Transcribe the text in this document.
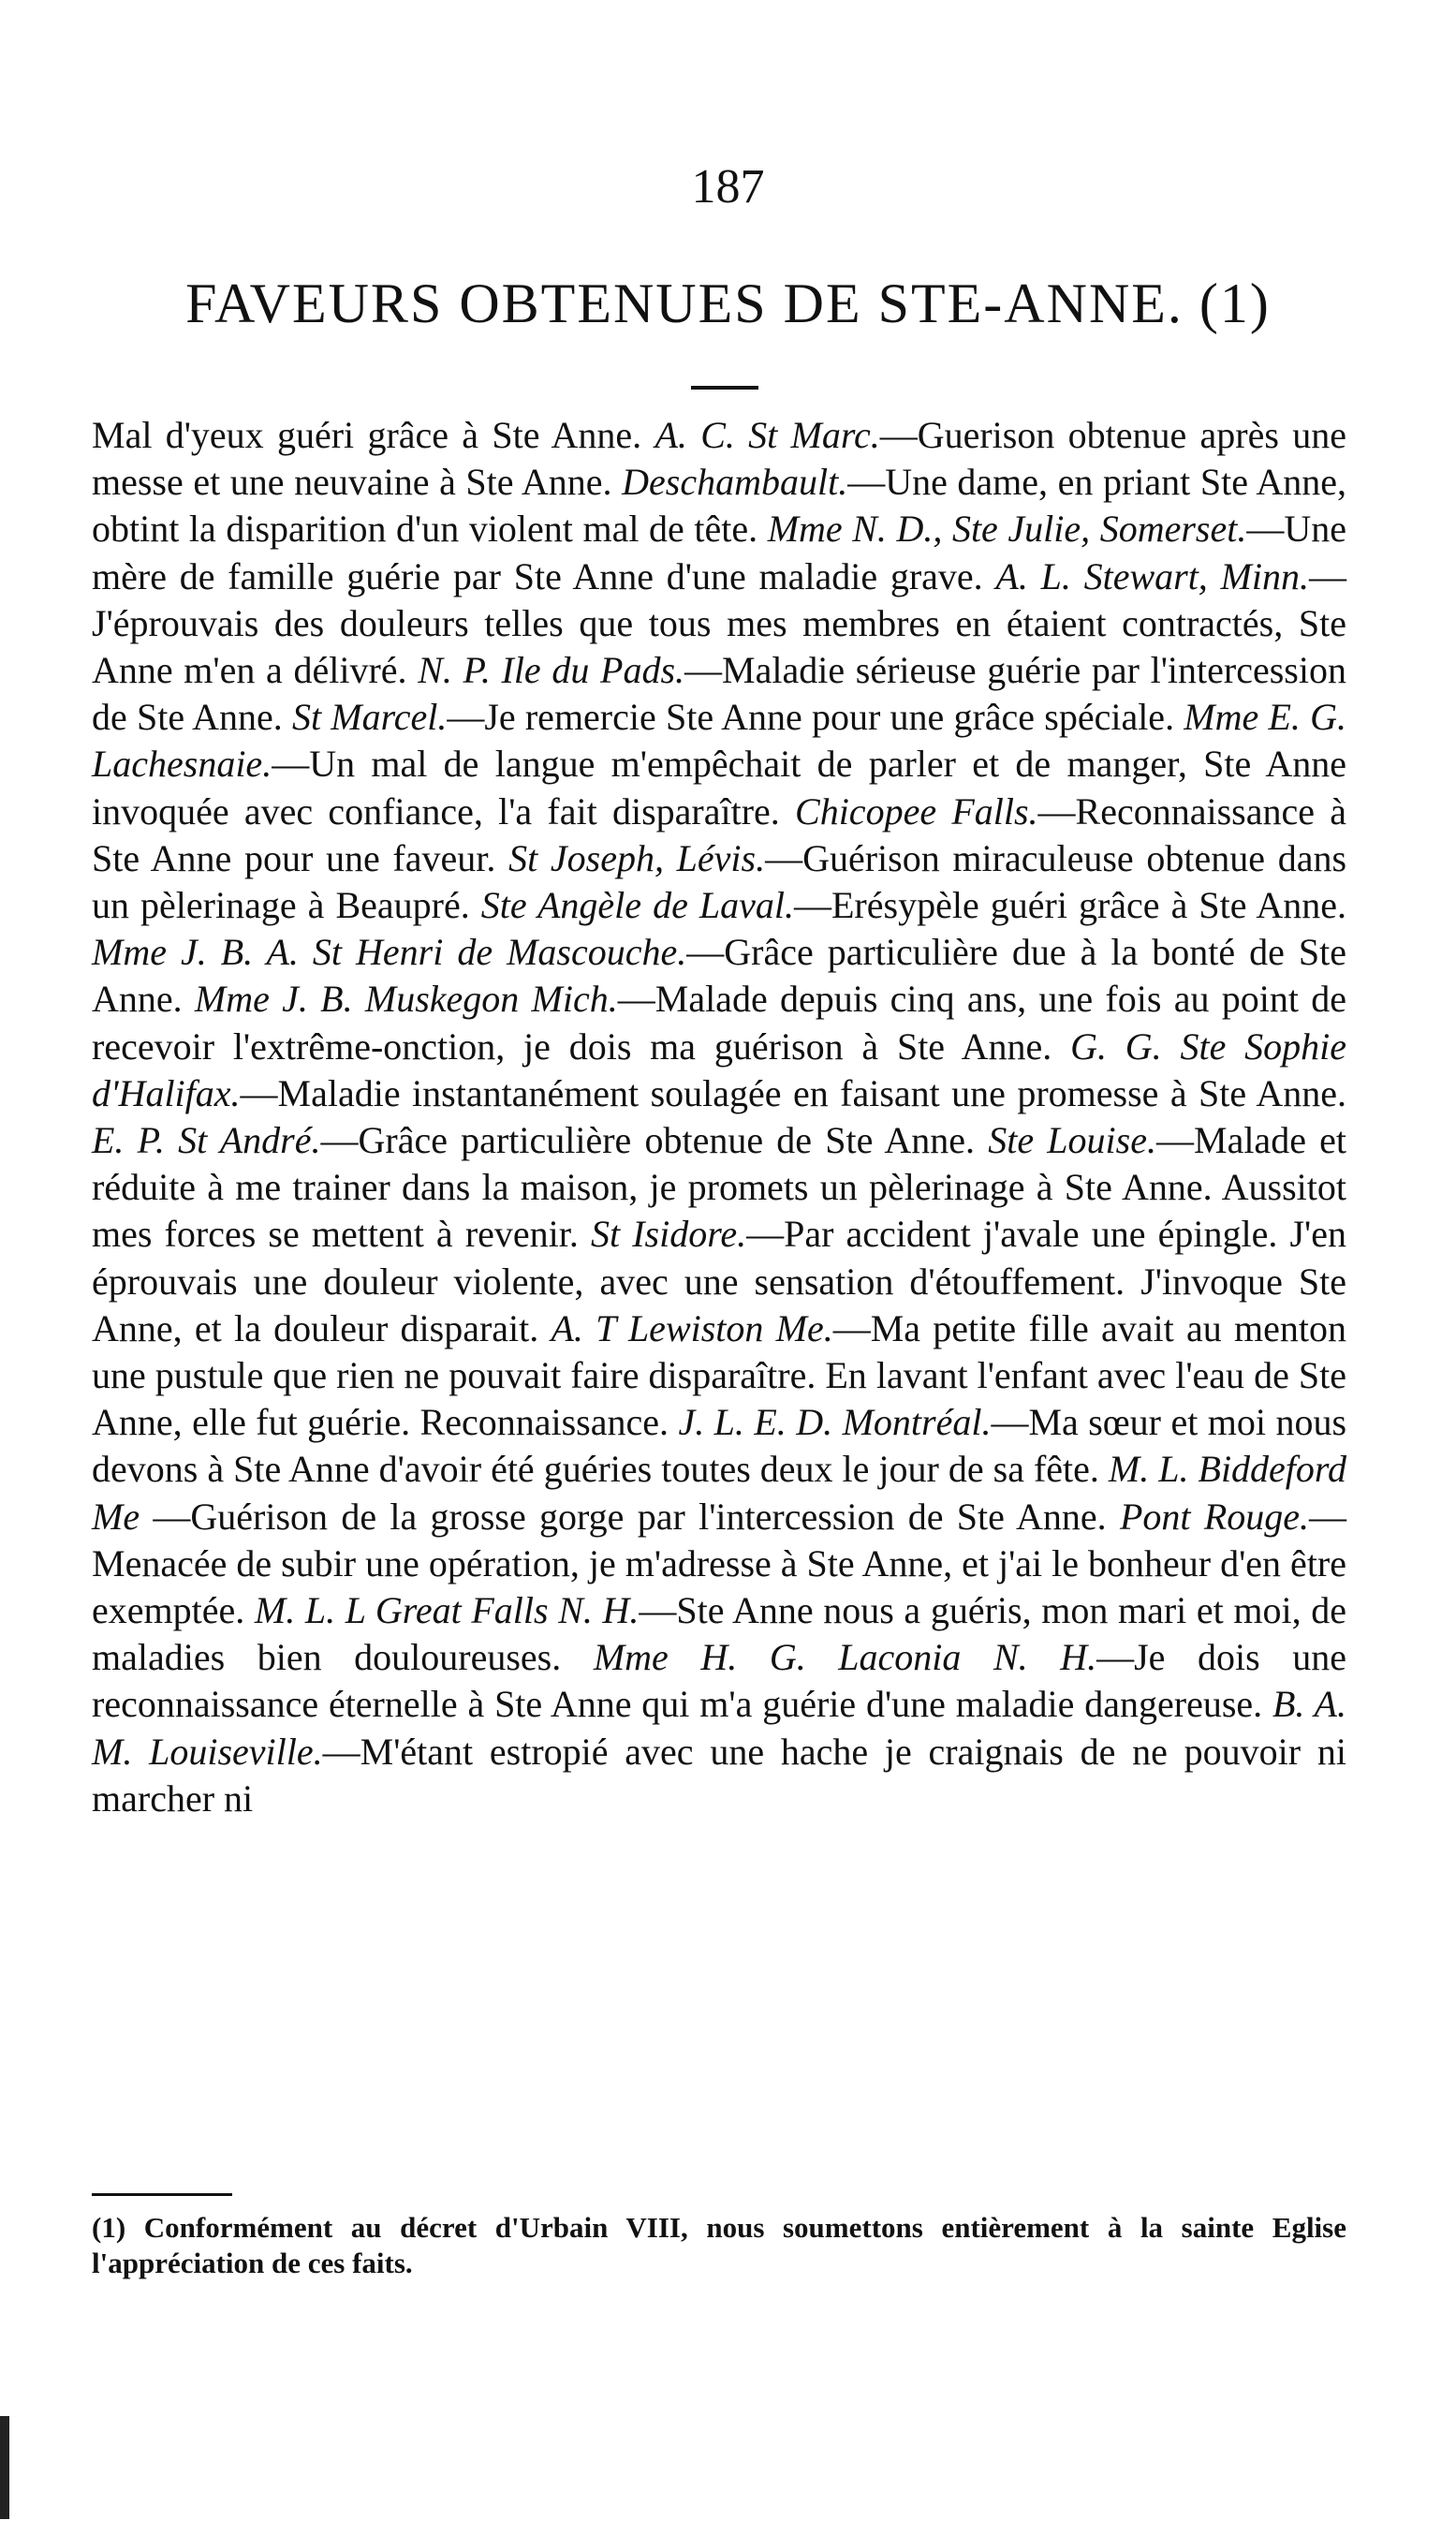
187
FAVEURS OBTENUES DE STE-ANNE. (1)
Mal d'yeux guéri grâce à Ste Anne. A. C. St Marc.—Guerison obtenue après une messe et une neuvaine à Ste Anne. Deschambault.—Une dame, en priant Ste Anne, obtint la disparition d'un violent mal de tête. Mme N. D., Ste Julie, Somerset.—Une mère de famille guérie par Ste Anne d'une maladie grave. A. L. Stewart, Minn.—J'éprouvais des douleurs telles que tous mes membres en étaient contractés, Ste Anne m'en a délivré. N. P. Ile du Pads.—Maladie sérieuse guérie par l'intercession de Ste Anne. St Marcel.—Je remercie Ste Anne pour une grâce spéciale. Mme E. G. Lachesnaie.—Un mal de langue m'empêchait de parler et de manger, Ste Anne invoquée avec confiance, l'a fait disparaître. Chicopee Falls.—Reconnaissance à Ste Anne pour une faveur. St Joseph, Lévis.—Guérison miraculeuse obtenue dans un pèlerinage à Beaupré. Ste Angèle de Laval.—Erésypèle guéri grâce à Ste Anne. Mme J. B. A. St Henri de Mascouche.—Grâce particulière due à la bonté de Ste Anne. Mme J. B. Muskegon Mich.—Malade depuis cinq ans, une fois au point de recevoir l'extrême-onction, je dois ma guérison à Ste Anne. G. G. Ste Sophie d'Halifax.—Maladie instantanément soulagée en faisant une promesse à Ste Anne. E. P. St André.—Grâce particulière obtenue de Ste Anne. Ste Louise.—Malade et réduite à me trainer dans la maison, je promets un pèlerinage à Ste Anne. Aussitot mes forces se mettent à revenir. St Isidore.—Par accident j'avale une épingle. J'en éprouvais une douleur violente, avec une sensation d'étouffement. J'invoque Ste Anne, et la douleur disparait. A. T Lewiston Me.—Ma petite fille avait au menton une pustule que rien ne pouvait faire disparaître. En lavant l'enfant avec l'eau de Ste Anne, elle fut guérie. Reconnaissance. J. L. E. D. Montréal.—Ma sœur et moi nous devons à Ste Anne d'avoir été guéries toutes deux le jour de sa fête. M. L. Biddeford Me —Guérison de la grosse gorge par l'intercession de Ste Anne. Pont Rouge.—Menacée de subir une opération, je m'adresse à Ste Anne, et j'ai le bonheur d'en être exemptée. M. L. L Great Falls N. H.—Ste Anne nous a guéris, mon mari et moi, de maladies bien douloureuses. Mme H. G. Laconia N. H.—Je dois une reconnaissance éternelle à Ste Anne qui m'a guérie d'une maladie dangereuse. B. A. M. Louiseville.—M'étant estropié avec une hache je craignais de ne pouvoir ni marcher ni
(1) Conformément au décret d'Urbain VIII, nous soumettons entièrement à la sainte Eglise l'appréciation de ces faits.
